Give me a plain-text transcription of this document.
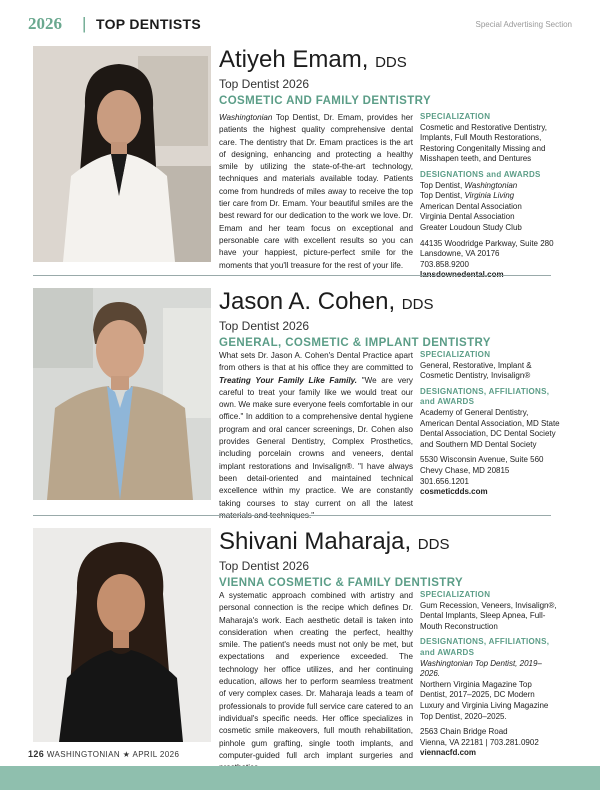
2026 | TOP DENTISTS	Special Advertising Section
Atiyeh Emam, DDS
Top Dentist 2026
COSMETIC AND FAMILY DENTISTRY
Washingtonian Top Dentist, Dr. Emam, provides her patients the highest quality comprehensive dental care. The dentistry that Dr. Emam practices is the art of designing, enhancing and protecting a healthy smile by utilizing the state-of-the-art technology, techniques and materials available today. Patients come from hundreds of miles away to receive the top tier care from Dr. Emam. Your beautiful smiles are the best reward for our dedication to the work we love. Dr. Emam and her team focus on exceptional and personable care with excellent results so you can have your happiest, picture-perfect smile for the moments that you'll treasure for the rest of your life.
SPECIALIZATION
Cosmetic and Restorative Dentistry, Implants, Full Mouth Restorations, Restoring Congenitally Missing and Misshapen teeth, and Dentures
DESIGNATIONS and AWARDS
Top Dentist, Washingtonian
Top Dentist, Virginia Living
American Dental Association
Virginia Dental Association
Greater Loudoun Study Club
44135 Woodridge Parkway, Suite 280
Lansdowne, VA 20176
703.858.9200
lansdownedental.com
Jason A. Cohen, DDS
Top Dentist 2026
GENERAL, COSMETIC & IMPLANT DENTISTRY
What sets Dr. Jason A. Cohen's Dental Practice apart from others is that at his office they are committed to Treating Your Family Like Family. "We are very careful to treat your family like we would treat our own. We make sure everyone feels comfortable in our office." In addition to a comprehensive dental hygiene program and oral cancer screenings, Dr. Cohen also provides General Dentistry, Complex Prosthetics, including porcelain crowns and veneers, dental implant restorations and Invisalign®. "I have always been detail-oriented and maintained technical excellence within my practice. We are constantly taking courses to stay current on all the latest materials and techniques."
SPECIALIZATION
General, Restorative, Implant & Cosmetic Dentistry, Invisalign®
DESIGNATIONS, AFFILIATIONS, and AWARDS
Academy of General Dentistry, American Dental Association, MD State Dental Association, DC Dental Society and Southern MD Dental Society
5530 Wisconsin Avenue, Suite 560
Chevy Chase, MD 20815
301.656.1201
cosmeticdds.com
Shivani Maharaja, DDS
Top Dentist 2026
VIENNA COSMETIC & FAMILY DENTISTRY
A systematic approach combined with artistry and personal connection is the recipe which defines Dr. Maharaja's work. Each aesthetic detail is taken into consideration when creating the perfect, healthy smile. The patient's needs must not only be met, but expectations and experience exceeded. The technology her office utilizes, and her continuing education, allows her to perform seamless treatment of very complex cases. Dr. Maharaja leads a team of professionals to provide full service care catered to an individual's specific needs. Her office specializes in cosmetic smile makeovers, full mouth rehabilitation, pinhole gum grafting, single tooth implants, and computer-guided full arch implant surgeries and
SPECIALIZATION
Gum Recession, Veneers, Invisalign®, Dental Implants, Sleep Apnea, Full-Mouth Reconstruction
DESIGNATIONS, AFFILIATIONS, and AWARDS
Washingtonian Top Dentist, 2019–2026.
Northern Virginia Magazine Top Dentist, 2017–2025, DC Modern Luxury and Virginia Living Magazine Top Dentist, 2020–2025.
2563 Chain Bridge Road
Vienna, VA 22181 | 703.281.0902
viennacfd.com
126 WASHINGTONIAN ★ APRIL 2026
